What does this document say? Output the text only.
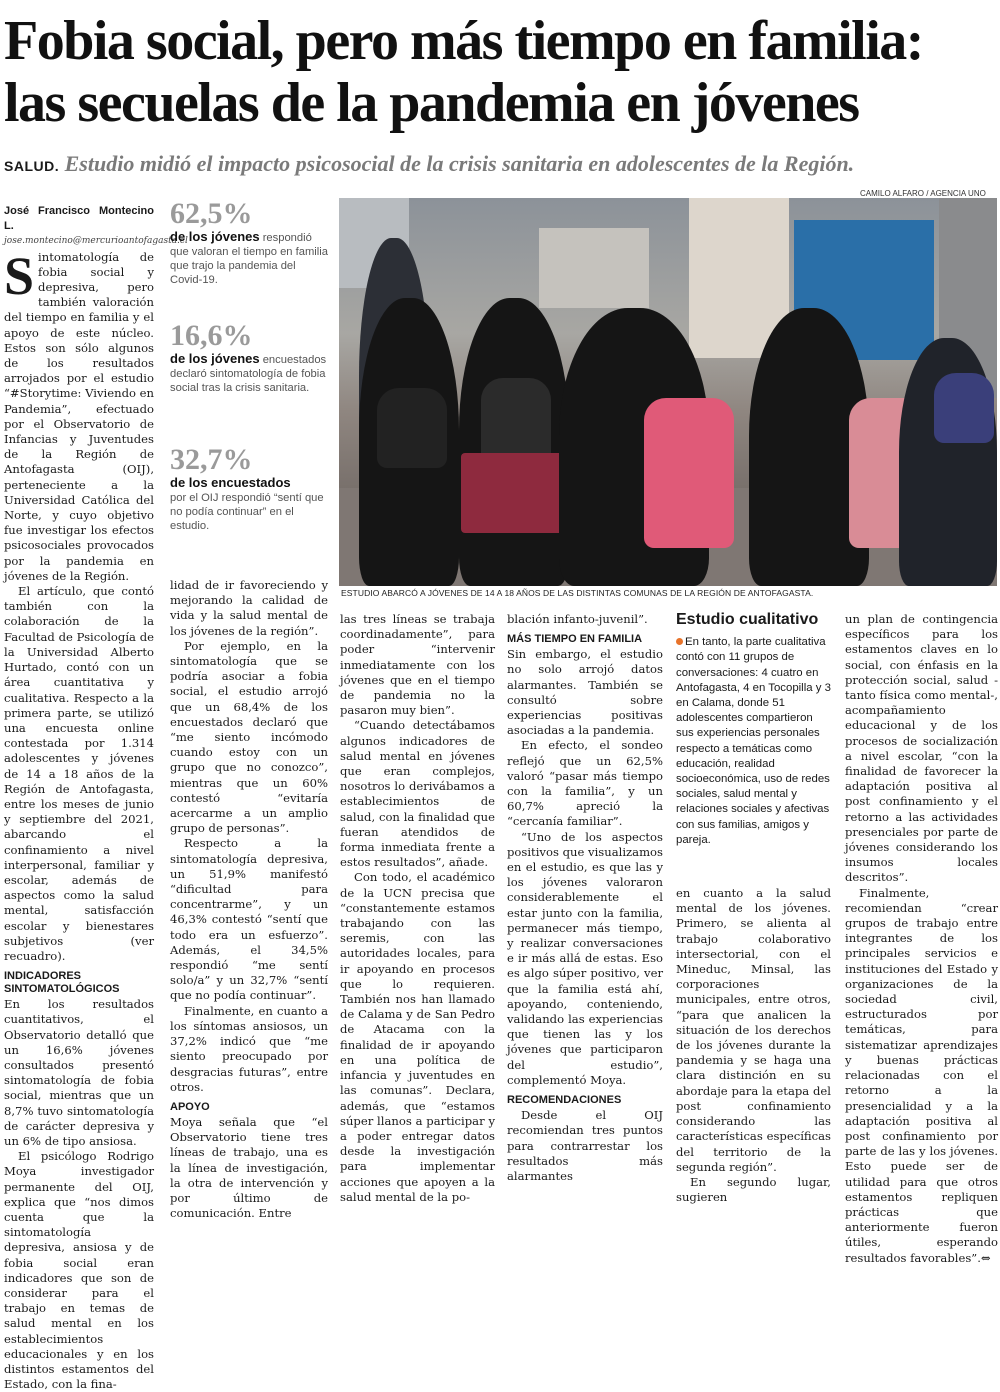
Fobia social, pero más tiempo en familia:
las secuelas de la pandemia en jóvenes
SALUD. Estudio midió el impacto psicosocial de la crisis sanitaria en adolescentes de la Región.
CAMILO ALFARO / AGENCIA UNO
ESTUDIO ABARCÓ A JÓVENES DE 14 A 18 AÑOS DE LAS DISTINTAS COMUNAS DE LA REGIÓN DE ANTOFAGASTA.

José Francisco Montecino L.

jose.montecino@mercurioantofagasta.cl

Sintomatología de fobia social y depresiva, pero también valoración del tiempo en familia y el apoyo de este núcleo. Estos son sólo algunos de los resultados arrojados por el estudio “#Storytime: Viviendo en Pandemia”, efectuado por el Observatorio de Infancias y Juventudes de la Región de Antofagasta (OIJ), perteneciente a la Universidad Católica del Norte, y cuyo objetivo fue investigar los efectos psicosociales provocados por la pandemia en jóvenes de la Región.

El artículo, que contó también con la colaboración de la Facultad de Psicología de la Universidad Alberto Hurtado, contó con un área cuantitativa y cualitativa. Respecto a la primera parte, se utilizó una encuesta online contestada por 1.314 adolescentes y jóvenes de 14 a 18 años de la Región de Antofagasta, entre los meses de junio y septiembre del 2021, abarcando el confinamiento a nivel interpersonal, familiar y escolar, además de aspectos como la salud mental, satisfacción escolar y bienestares subjetivos (ver recuadro).

INDICADORES SINTOMATOLÓGICOS

En los resultados cuantitativos, el Observatorio detalló que un 16,6% jóvenes consultados presentó sintomatología de fobia social, mientras que un 8,7% tuvo sintomatología de carácter depresiva y un 6% de tipo ansiosa.

El psicólogo Rodrigo Moya investigador permanente del OIJ, explica que “nos dimos cuenta que la sintomatología depresiva, ansiosa y de fobia social eran indicadores que son de considerar para el trabajo en temas de salud mental en los establecimientos educacionales y en los distintos estamentos del Estado, con la fina-

62,5%
de los jóvenes respondió que valoran el tiempo en familia que trajo la pandemia del Covid-19.
16,6%
de los jóvenes encuestados declaró sintomatología de fobia social tras la crisis sanitaria.
32,7%
de los encuestados
por el OIJ respondió “sentí que no podía continuar” en el estudio.

lidad de ir favoreciendo y mejorando la calidad de vida y la salud mental de los jóvenes de la región”.

Por ejemplo, en la sintomatología que se podría asociar a fobia social, el estudio arrojó que un 68,4% de los encuestados declaró que “me siento incómodo cuando estoy con un grupo que no conozco”, mientras que un 60% contestó “evitaría acercarme a un amplio grupo de personas”.

Respecto a la sintomatología depresiva, un 51,9% manifestó “dificultad para concentrarme”, y un 46,3% contestó “sentí que todo era un esfuerzo”. Además, el 34,5% respondió “me sentí solo/a” y un 32,7% “sentí que no podía continuar”.

Finalmente, en cuanto a los síntomas ansiosos, un 37,2% indicó que “me siento preocupado por desgracias futuras”, entre otros.

APOYO

Moya señala que “el Observatorio tiene tres líneas de trabajo, una es la línea de investigación, la otra de intervención y por último de comunicación. Entre

las tres líneas se trabaja coordinadamente”, para poder “intervenir inmediatamente con los jóvenes que en el tiempo de pandemia no la pasaron muy bien”.

“Cuando detectábamos algunos indicadores de salud mental en jóvenes que eran complejos, nosotros lo derivábamos a establecimientos de salud, con la finalidad que fueran atendidos de forma inmediata frente a estos resultados”, añade.

Con todo, el académico de la UCN precisa que “constantemente estamos trabajando con las seremis, con las autoridades locales, para ir apoyando en procesos que lo requieren. También nos han llamado de Calama y de San Pedro de Atacama con la finalidad de ir apoyando en una política de infancia y juventudes en las comunas”. Declara, además, que “estamos súper llanos a participar y a poder entregar datos desde la investigación para implementar acciones que apoyen a la salud mental de la po-

blación infanto-juvenil”.

MÁS TIEMPO EN FAMILIA

Sin embargo, el estudio no solo arrojó datos alarmantes. También se consultó sobre experiencias positivas asociadas a la pandemia.

En efecto, el sondeo reflejó que un 62,5% valoró “pasar más tiempo con la familia”, y un 60,7% apreció la “cercanía familiar”.

“Uno de los aspectos positivos que visualizamos en el estudio, es que las y los jóvenes valoraron considerablemente el estar junto con la familia, permanecer más tiempo, y realizar conversaciones e ir más allá de estas. Eso es algo súper positivo, ver que la familia está ahí, apoyando, conteniendo, validando las experiencias que tienen las y los jóvenes que participaron del estudio”, complementó Moya.

RECOMENDACIONES

Desde el OIJ recomiendan tres puntos para contrarrestar los resultados más alarmantes

Estudio cualitativo
En tanto, la parte cualitativa contó con 11 grupos de conversaciones: 4 cuatro en Antofagasta, 4 en Tocopilla y 3 en Calama, donde 51 adolescentes compartieron sus experiencias personales respecto a temáticas como educación, realidad socioeconómica, uso de redes sociales, salud mental y relaciones sociales y afectivas con sus familias, amigos y pareja.

en cuanto a la salud mental de los jóvenes. Primero, se alienta al trabajo colaborativo intersectorial, con el Mineduc, Minsal, las corporaciones municipales, entre otros, “para que analicen la situación de los derechos de los jóvenes durante la pandemia y se haga una clara distinción en su abordaje para la etapa del post confinamiento considerando las características específicas del territorio de la segunda región”.

En segundo lugar, sugieren

un plan de contingencia específicos para los estamentos claves en lo social, con énfasis en la protección social, salud -tanto física como mental-, acompañamiento educacional y de los procesos de socialización a nivel escolar, “con la finalidad de favorecer la adaptación positiva al post confinamiento y el retorno a las actividades presenciales por parte de jóvenes considerando los insumos locales descritos”.

Finalmente, recomiendan “crear grupos de trabajo entre integrantes de los principales servicios e instituciones del Estado y organizaciones de la sociedad civil, estructurados por temáticas, para sistematizar aprendizajes y buenas prácticas relacionadas con el retorno a la presencialidad y a la adaptación positiva al post confinamiento por parte de las y los jóvenes. Esto puede ser de utilidad para que otros estamentos repliquen prácticas que anteriormente fueron útiles, esperando resultados favorables”.⇔
